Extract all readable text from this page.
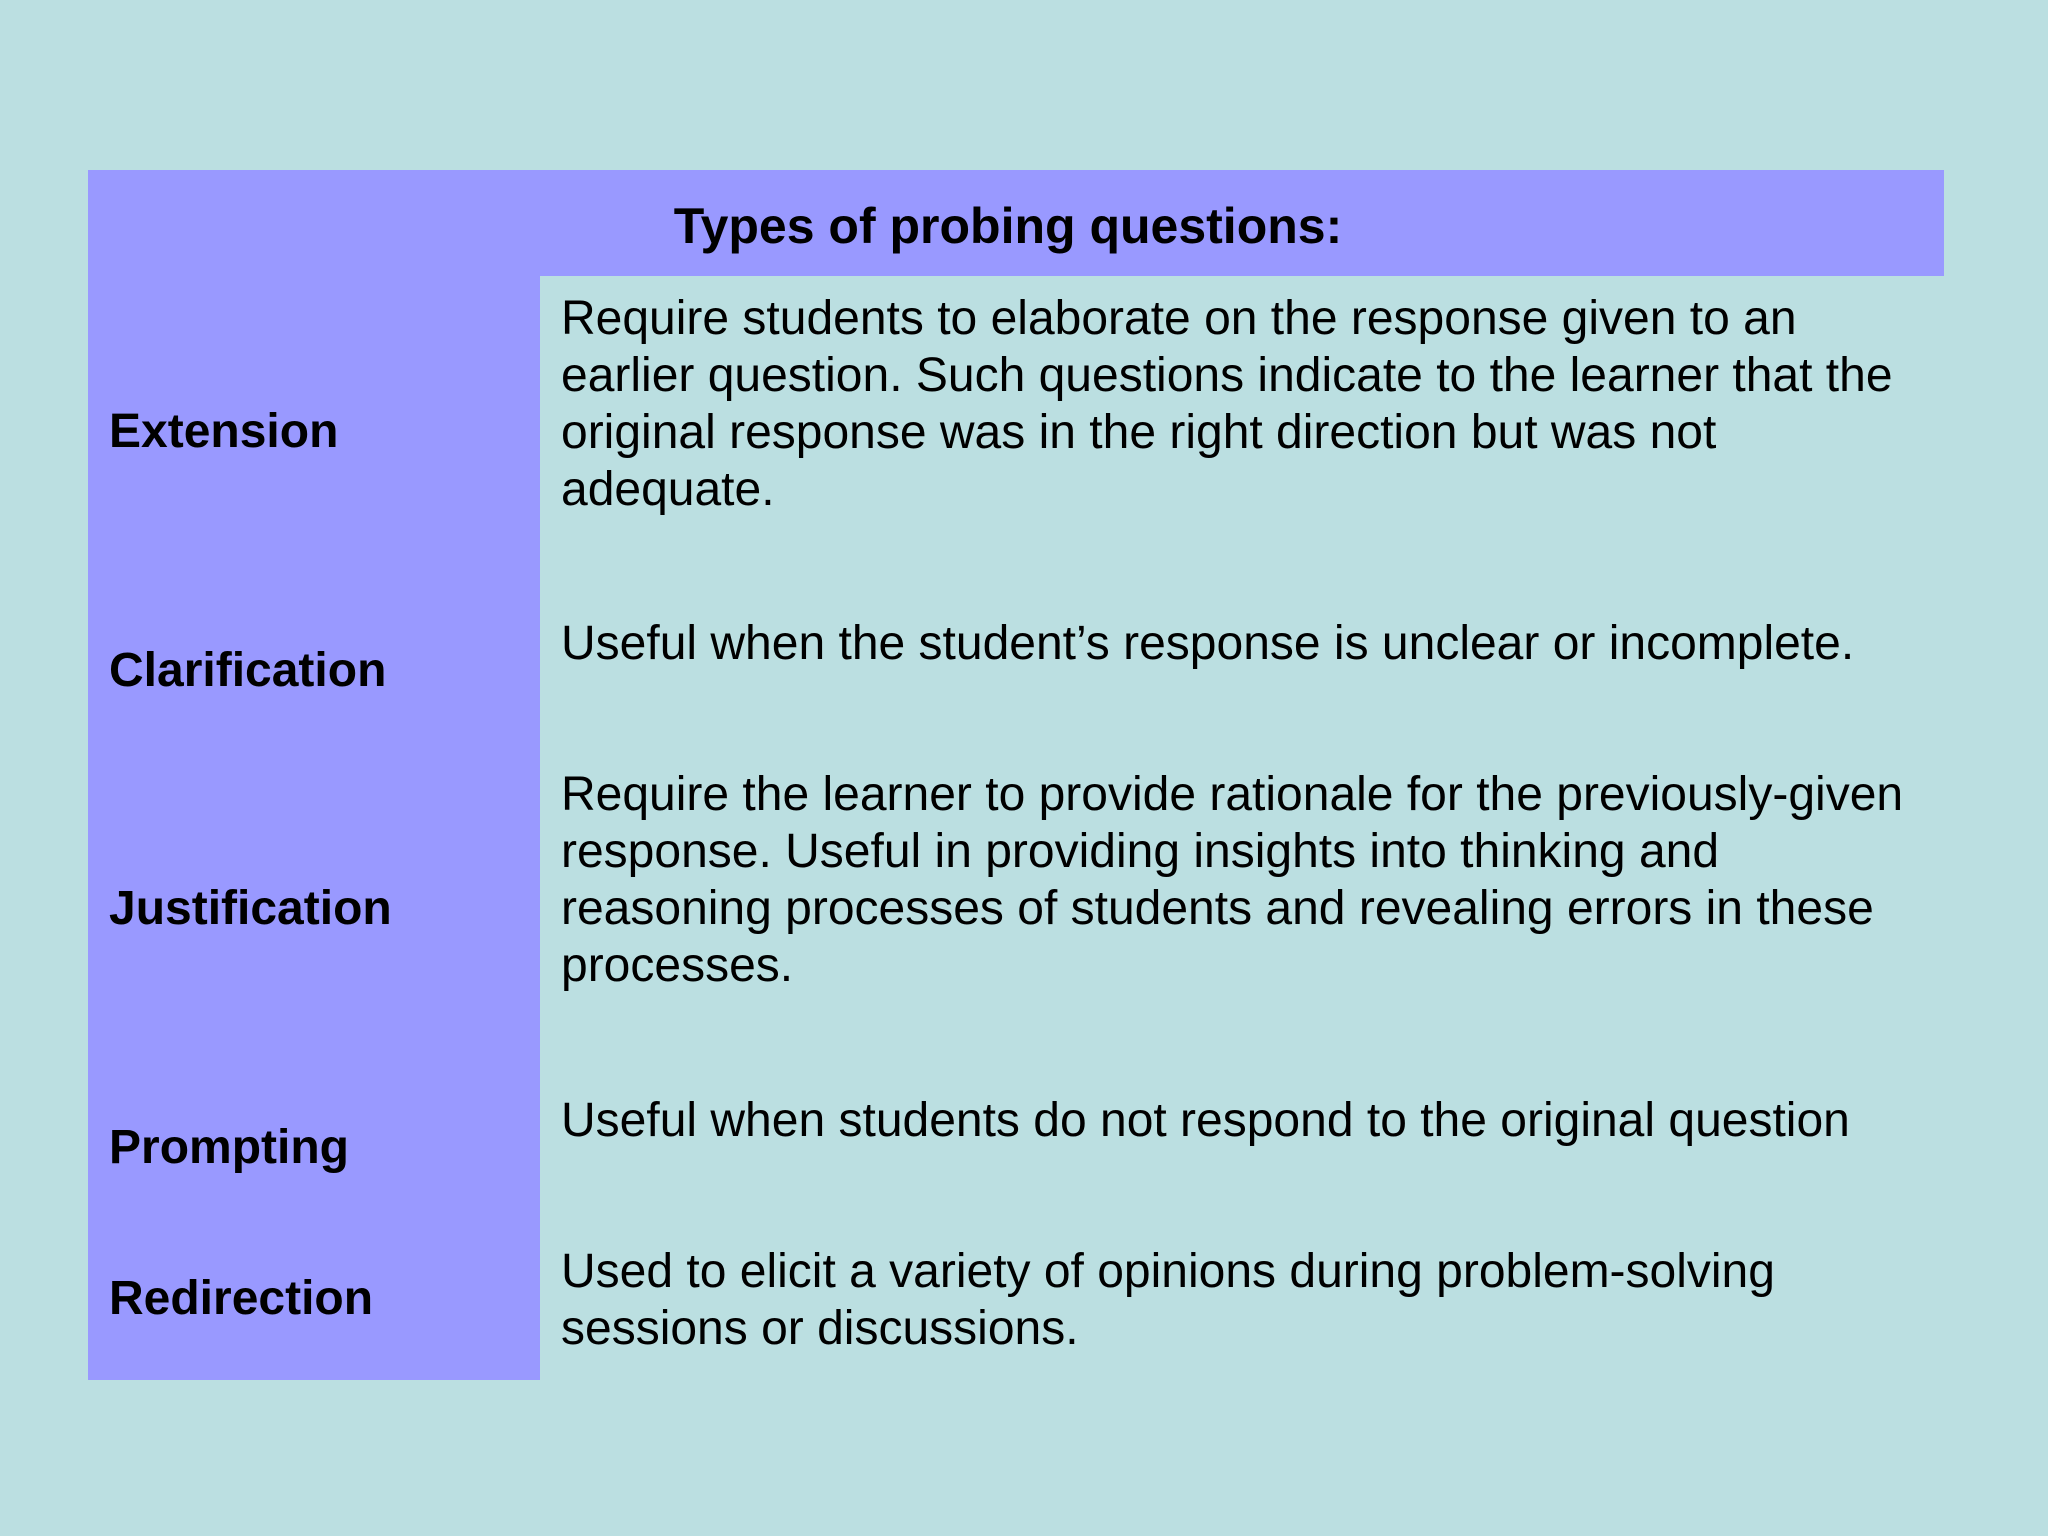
Types of probing questions:
Extension
Require students to elaborate on the response given to an earlier question. Such questions indicate to the learner that the original response was in the right direction but was not adequate.
Clarification
Useful when the student’s response is unclear or incomplete.
Justification
Require the learner to provide rationale for the previously-given response. Useful in providing insights into thinking and reasoning processes of students and revealing errors in these processes.
Prompting
Useful when students do not respond to the original question
Redirection
Used to elicit a variety of opinions during problem-solving sessions or discussions.
